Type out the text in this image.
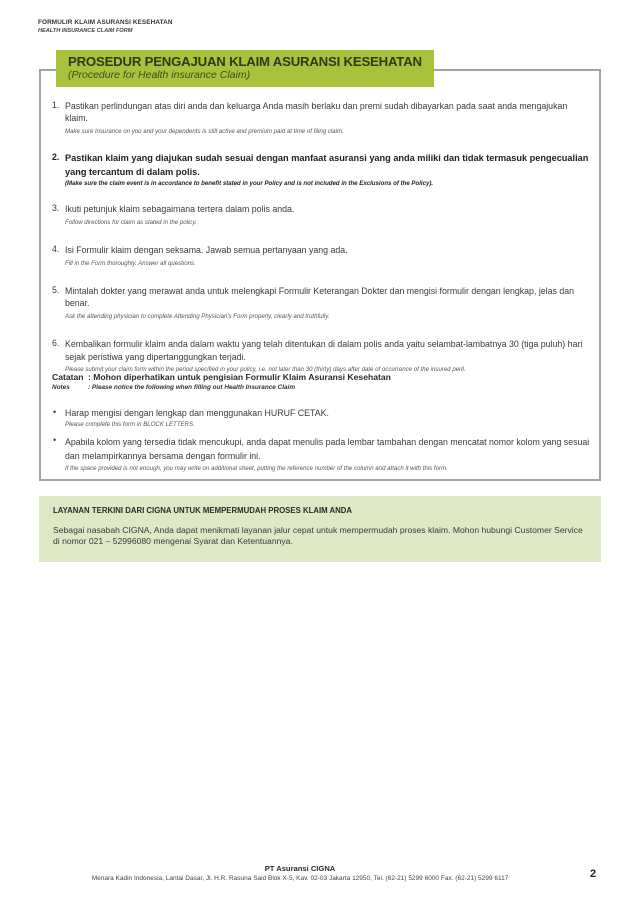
FORMULIR KLAIM ASURANSI KESEHATAN
HEALTH INSURANCE CLAIM FORM
PROSEDUR PENGAJUAN KLAIM ASURANSI KESEHATAN
(Procedure for Health insurance Claim)
1. Pastikan perlindungan atas diri anda dan keluarga Anda masih berlaku dan premi sudah dibayarkan pada saat anda mengajukan klaim.
Make sure insurance on you and your dependents is still active and premium paid at time of filing claim.
2. Pastikan klaim yang diajukan sudah sesuai dengan manfaat asuransi yang anda miliki dan tidak termasuk pengecualian yang tercantum di dalam polis.
(Make sure the claim event is in accordance to benefit stated in your Policy and is not included in the Exclusions of the Policy).
3. Ikuti petunjuk klaim sebagaimana tertera dalam polis anda.
Follow directions for claim as stated in the policy.
4. Isi Formulir klaim dengan seksama. Jawab semua pertanyaan yang ada.
Fill in the Form thoroughly. Answer all questions.
5. Mintalah dokter yang merawat anda untuk melengkapi Formulir Keterangan Dokter dan mengisi formulir dengan lengkap, jelas dan benar.
Ask the attending physician to complete Attending Physician's Form properly, clearly and truthfully.
6. Kembalikan formulir klaim anda dalam waktu yang telah ditentukan di dalam polis anda yaitu selambat-lambatnya 30 (tiga puluh) hari sejak peristiwa yang dipertanggungkan terjadi.
Please submit your claim form within the period specified in your policy, i.e. not later than 30 (thirty) days after date of occurrence of the insured peril.
Catatan : Mohon diperhatikan untuk pengisian Formulir Klaim Asuransi Kesehatan
Notes	: Please notice the following when filling out Health Insurance Claim
• Harap mengisi dengan lengkap dan menggunakan HURUF CETAK.
Please complete this form in BLOCK LETTERS.
• Apabila kolom yang tersedia tidak mencukupi, anda dapat menulis pada lembar tambahan dengan mencatat nomor kolom yang sesuai dan melampirkannya bersama dengan formulir ini.
If the space provided is not enough, you may write on additional sheet, putting the reference number of the column and attach it with this form.
LAYANAN TERKINI DARI CIGNA UNTUK MEMPERMUDAH PROSES KLAIM ANDA
Sebagai nasabah CIGNA, Anda dapat menikmati layanan jalur cepat untuk mempermudah proses klaim. Mohon hubungi Customer Service di nomor 021 – 52996080 mengenai Syarat dan Ketentuannya.
PT Asuransi CIGNA
Menara Kadin Indonesia, Lantai Dasar, Jl. H.R. Rasuna Said Blok X-5, Kav. 02-03 Jakarta 12950, Tel. (62-21) 5299 6000 Fax. (62-21) 5299 6117	2
